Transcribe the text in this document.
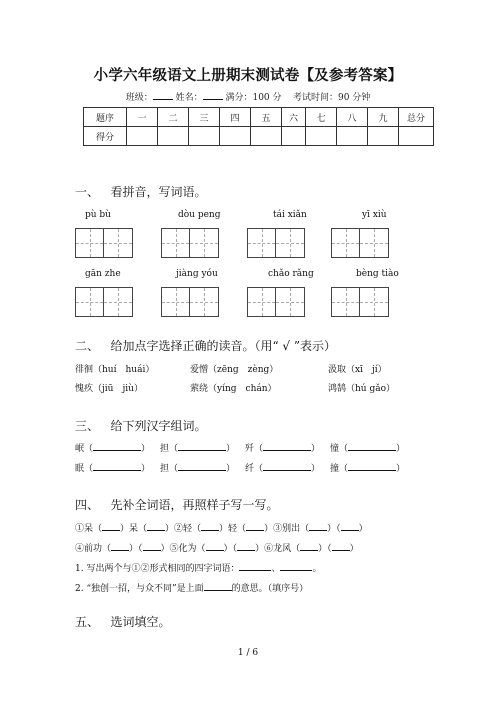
小学六年级语文上册期末测试卷【及参考答案】
班级：	姓名：	满分：100 分 考试时间：90 分钟
题序	一	二	三	四	五	六	七	八	九	总分
得分										
一、 看拼音，写词语。
pù bù	dòu peng	tái xiǎn	yī xiù
gān zhe	jiàng yóu	chǎo rǎng	bèng tiào
二、 给加点字选择正确的读音。（用“ √ ”表示）
徘徊（huí　huái）	爱憎（zēng　zèng）	汲取（xī　jí）
愧疚（jiū　jiù）	萦绕（yíng　chán）	鸿鹄（hú gǎo）
三、 给下列汉字组词。
岷（	） 担（	） 歼（	） 憧（	）
眠（	） 担（	） 纤（	） 撞（	）
四、 先补全词语，再照样子写一写。
①呆（ ）呆（ ）②轻（ ）轻（ ）③别出（ ）（ ）
④前功（ ）（ ）⑤化为（ ）（ ）⑥龙风（ ）（ ）
1. 写出两个与①②形式相同的四字词语：	、	。
2. “独创一招，与众不同”是上面	的意思。（填序号）
五、 选词填空。
1 / 6
